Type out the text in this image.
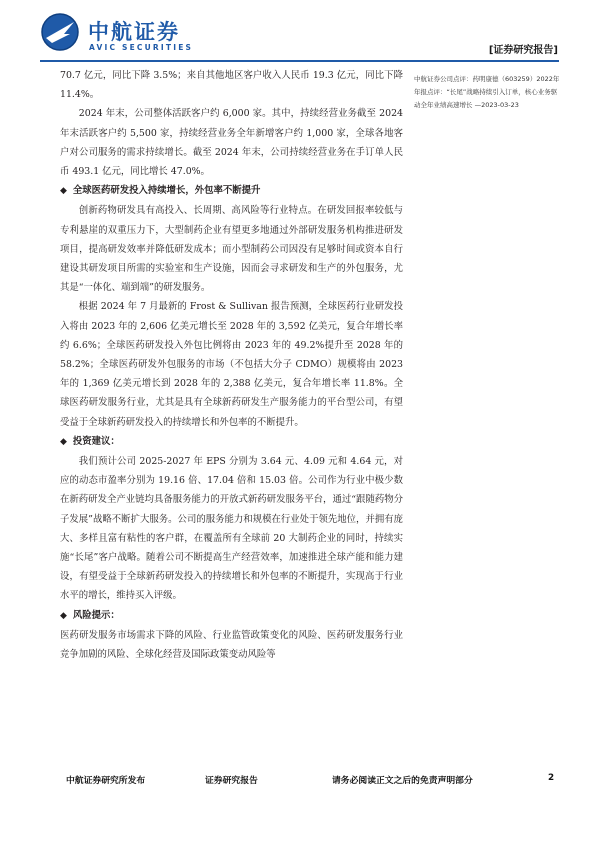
中航证券
AVIC SECURITIES	[证券研究报告]

70.7 亿元，同比下降 3.5%；来自其他地区客户收入人民币 19.3 亿元，同比下降 11.4%。

2024 年末，公司整体活跃客户约 6,000 家。其中，持续经营业务截至 2024 年末活跃客户约 5,500 家，持续经营业务全年新增客户约 1,000 家，全球各地客户对公司服务的需求持续增长。截至 2024 年末，公司持续经营业务在手订单人民币 493.1 亿元，同比增长 47.0%。

◆ 全球医药研发投入持续增长，外包率不断提升

创新药物研发具有高投入、长周期、高风险等行业特点。在研发回报率较低与专利悬崖的双重压力下，大型制药企业有望更多地通过外部研发服务机构推进研发项目，提高研发效率并降低研发成本；而小型制药公司因没有足够时间或资本自行建设其研发项目所需的实验室和生产设施，因而会寻求研发和生产的外包服务，尤其是“一体化、端到端”的研发服务。

根据 2024 年 7 月最新的 Frost & Sullivan 报告预测，全球医药行业研发投入将由 2023 年的 2,606 亿美元增长至 2028 年的 3,592 亿美元，复合年增长率约 6.6%；全球医药研发投入外包比例将由 2023 年的 49.2%提升至 2028 年的 58.2%；全球医药研发外包服务的市场（不包括大分子 CDMO）规模将由 2023 年的 1,369 亿美元增长到 2028 年的 2,388 亿美元，复合年增长率 11.8%。全球医药研发服务行业，尤其是具有全球新药研发生产服务能力的平台型公司，有望受益于全球新药研发投入的持续增长和外包率的不断提升。

◆ 投资建议：

我们预计公司 2025-2027 年 EPS 分别为 3.64 元、4.09 元和 4.64 元，对应的动态市盈率分别为 19.16 倍、17.04 倍和 15.03 倍。公司作为行业中极少数在新药研发全产业链均具备服务能力的开放式新药研发服务平台，通过“跟随药物分子发展”战略不断扩大服务。公司的服务能力和规模在行业处于领先地位，并拥有庞大、多样且富有粘性的客户群，在覆盖所有全球前 20 大制药企业的同时，持续实 施“长尾”客户战略。随着公司不断提高生产经营效率，加速推进全球产能和能力建设，有望受益于全球新药研发投入的持续增长和外包率的不断提升，实现高于行业水平的增长，维持买入评级。

◆ 风险提示：

医药研发服务市场需求下降的风险、行业监管政策变化的风险、医药研发服务行业竞争加剧的风险、全球化经营及国际政策变动风险等

中航证券公司点评：药明康德（603259）2022年年报点评：“长尾”战略持续引入订单，核心业务驱动全年业绩高速增长 —2023-03-23

中航证券研究所发布	证券研究报告	请务必阅读正文之后的免责声明部分	2
